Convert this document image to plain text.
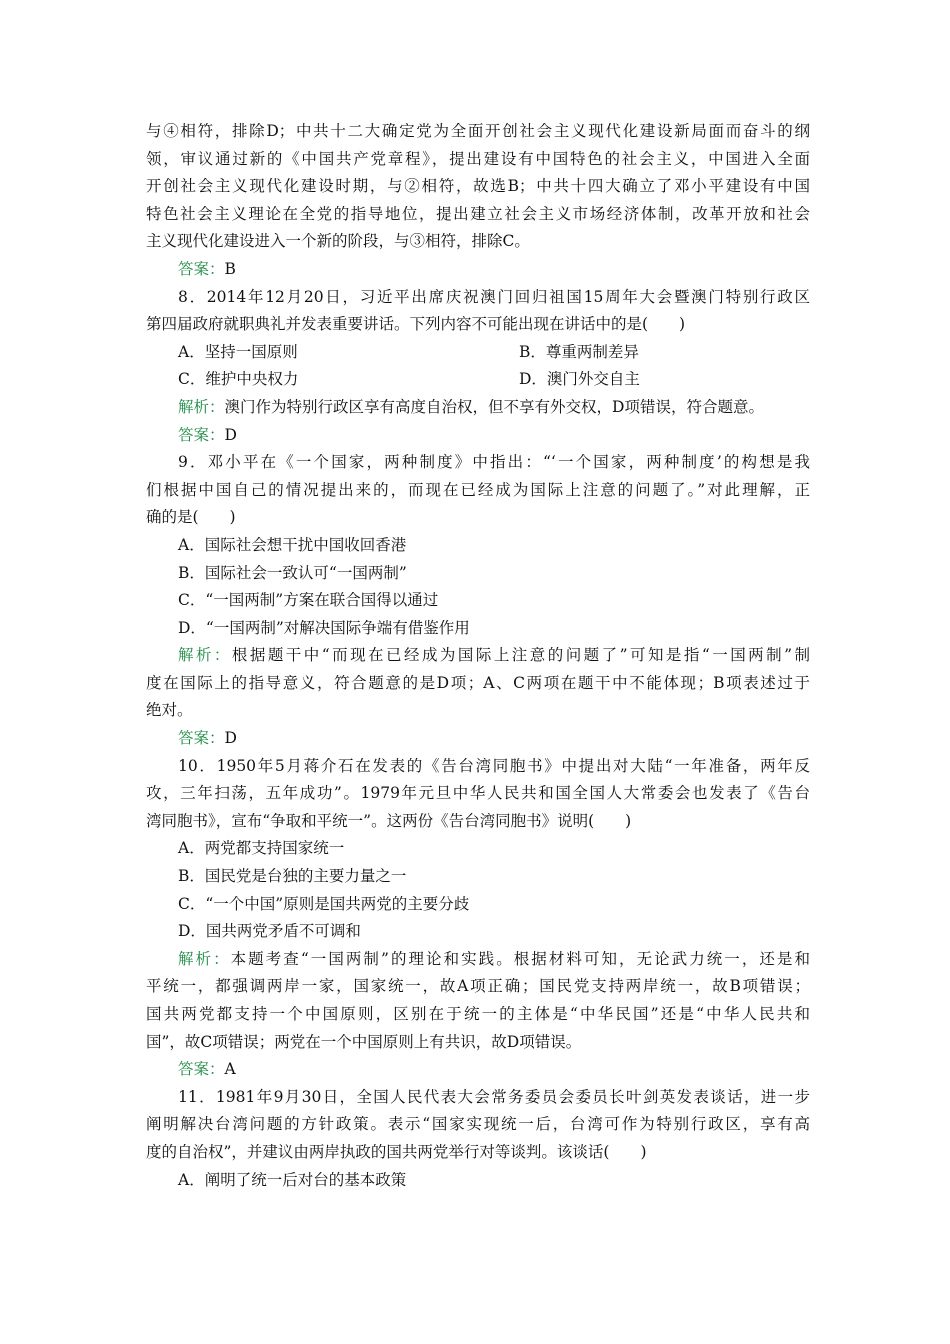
与④相符，排除D；中共十二大确定党为全面开创社会主义现代化建设新局面而奋斗的纲
领，审议通过新的《中国共产党章程》，提出建设有中国特色的社会主义，中国进入全面
开创社会主义现代化建设时期，与②相符，故选B；中共十四大确立了邓小平建设有中国
特色社会主义理论在全党的指导地位，提出建立社会主义市场经济体制，改革开放和社会
主义现代化建设进入一个新的阶段，与③相符，排除C。
答案：B
8．2014年12月20日，习近平出席庆祝澳门回归祖国15周年大会暨澳门特别行政区
第四届政府就职典礼并发表重要讲话。下列内容不可能出现在讲话中的是(　　)
A．坚持一国原则	B．尊重两制差异
C．维护中央权力	D．澳门外交自主
解析：澳门作为特别行政区享有高度自治权，但不享有外交权，D项错误，符合题意。
答案：D
9．邓小平在《一个国家，两种制度》中指出：“‘一个国家，两种制度’的构想是我
们根据中国自己的情况提出来的，而现在已经成为国际上注意的问题了。”对此理解，正
确的是(　　)
A．国际社会想干扰中国收回香港
B．国际社会一致认可“一国两制”
C．“一国两制”方案在联合国得以通过
D．“一国两制”对解决国际争端有借鉴作用
解析：根据题干中“而现在已经成为国际上注意的问题了”可知是指“一国两制”制
度在国际上的指导意义，符合题意的是D项；A、C两项在题干中不能体现；B项表述过于
绝对。
答案：D
10．1950年5月蒋介石在发表的《告台湾同胞书》中提出对大陆“一年准备，两年反
攻，三年扫荡，五年成功”。1979年元旦中华人民共和国全国人大常委会也发表了《告台
湾同胞书》，宣布“争取和平统一”。这两份《告台湾同胞书》说明(　　)
A．两党都支持国家统一
B．国民党是台独的主要力量之一
C．“一个中国”原则是国共两党的主要分歧
D．国共两党矛盾不可调和
解析：本题考查“一国两制”的理论和实践。根据材料可知，无论武力统一，还是和
平统一，都强调两岸一家，国家统一，故A项正确；国民党支持两岸统一，故B项错误；
国共两党都支持一个中国原则，区别在于统一的主体是“中华民国”还是“中华人民共和
国”，故C项错误；两党在一个中国原则上有共识，故D项错误。
答案：A
11．1981年9月30日，全国人民代表大会常务委员会委员长叶剑英发表谈话，进一步
阐明解决台湾问题的方针政策。表示“国家实现统一后，台湾可作为特别行政区，享有高
度的自治权”，并建议由两岸执政的国共两党举行对等谈判。该谈话(　　)
A．阐明了统一后对台的基本政策
